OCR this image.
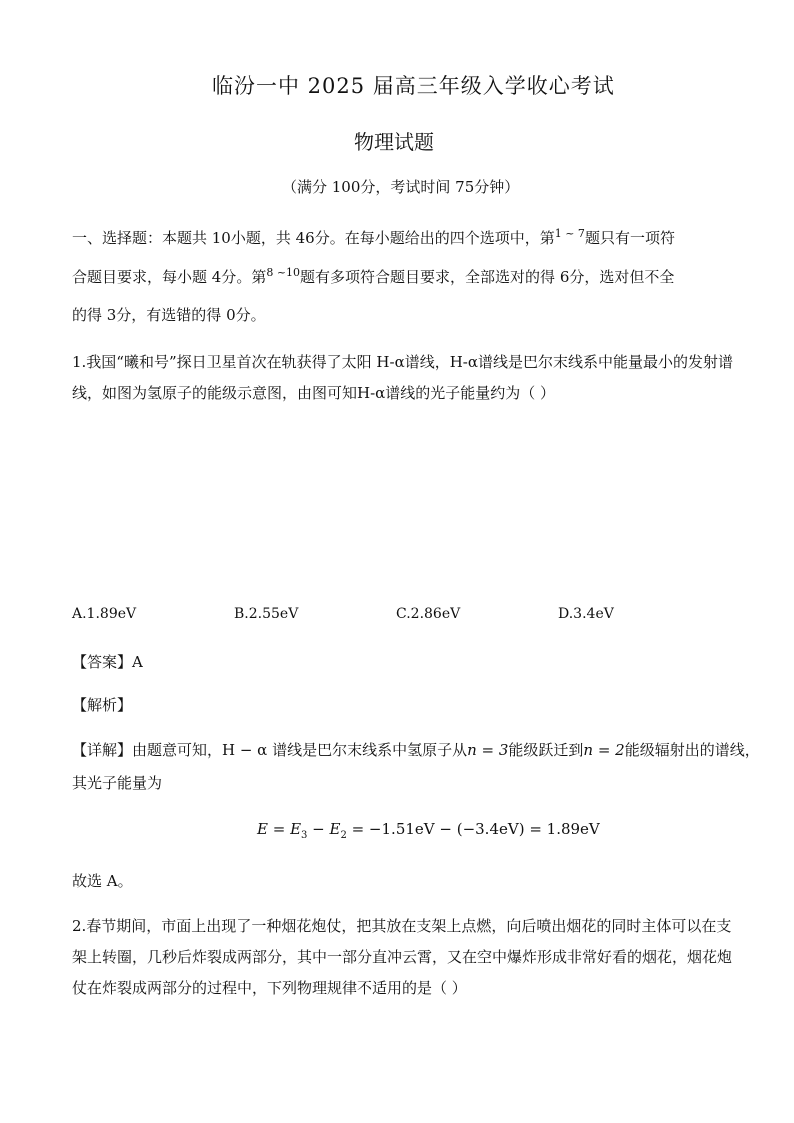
临汾一中 2025 届高三年级入学收心考试
物理试题
（满分 100分，考试时间 75分钟）
一、选择题：本题共 10小题，共 46分。在每小题给出的四个选项中，第$^{1 \sim 7}$题只有一项符
合题目要求，每小题 4分。第$^{8 \sim 10}$题有多项符合题目要求，全部选对的得 6分，选对但不全
的得 3分，有选错的得 0分。
1.我国“曦和号”探日卫星首次在轨获得了太阳 H-α谱线，H-α谱线是巴尔末线系中能量最小的发射谱
线，如图为氢原子的能级示意图，由图可知H-α谱线的光子能量约为（ ）
A.1.89eV	B.2.55eV	C.2.86eV	D.3.4eV
【答案】A
【解析】
【详解】由题意可知，H − α 谱线是巴尔末线系中氢原子从n = 3能级跃迁到n = 2能级辐射出的谱线，
其光子能量为
$E = E_3 - E_2 = -1.51eV - (-3.4eV) = 1.89eV$
故选 A。
2.春节期间，市面上出现了一种烟花炮仗，把其放在支架上点燃，向后喷出烟花的同时主体可以在支
架上转圈，几秒后炸裂成两部分，其中一部分直冲云霄，又在空中爆炸形成非常好看的烟花，烟花炮
仗在炸裂成两部分的过程中，下列物理规律不适用的是（ ）
